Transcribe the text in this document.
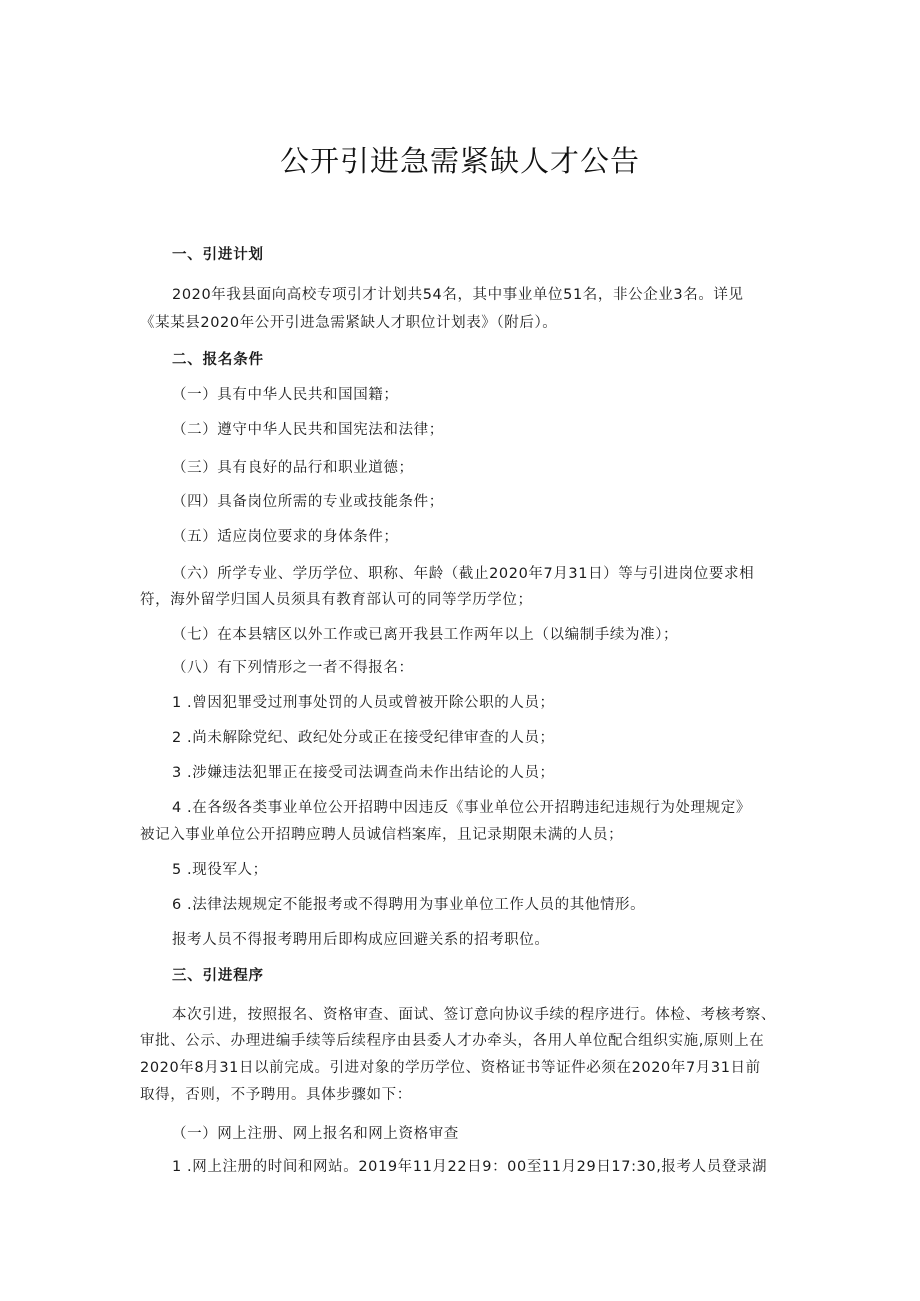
公开引进急需紧缺人才公告
一、引进计划
2020年我县面向高校专项引才计划共54名，其中事业单位51名，非公企业3名。详见
《某某县2020年公开引进急需紧缺人才职位计划表》（附后）。
二、报名条件
（一）具有中华人民共和国国籍；
（二）遵守中华人民共和国宪法和法律；
（三）具有良好的品行和职业道德；
（四）具备岗位所需的专业或技能条件；
（五）适应岗位要求的身体条件；
（六）所学专业、学历学位、职称、年龄（截止2020年7月31日）等与引进岗位要求相
符，海外留学归国人员须具有教育部认可的同等学历学位；
（七）在本县辖区以外工作或已离开我县工作两年以上（以编制手续为准）；
（八）有下列情形之一者不得报名：
1 .曾因犯罪受过刑事处罚的人员或曾被开除公职的人员；
2 .尚未解除党纪、政纪处分或正在接受纪律审查的人员；
3 .涉嫌违法犯罪正在接受司法调查尚未作出结论的人员；
4 .在各级各类事业单位公开招聘中因违反《事业单位公开招聘违纪违规行为处理规定》
被记入事业单位公开招聘应聘人员诚信档案库，且记录期限未满的人员；
5 .现役军人；
6 .法律法规规定不能报考或不得聘用为事业单位工作人员的其他情形。
报考人员不得报考聘用后即构成应回避关系的招考职位。
三、引进程序
本次引进，按照报名、资格审查、面试、签订意向协议手续的程序进行。体检、考核考察、
审批、公示、办理进编手续等后续程序由县委人才办牵头，各用人单位配合组织实施,原则上在
2020年8月31日以前完成。引进对象的学历学位、资格证书等证件必须在2020年7月31日前
取得，否则，不予聘用。具体步骤如下：
（一）网上注册、网上报名和网上资格审查
1 .网上注册的时间和网站。2019年11月22日9：00至11月29日17:30,报考人员登录湖
